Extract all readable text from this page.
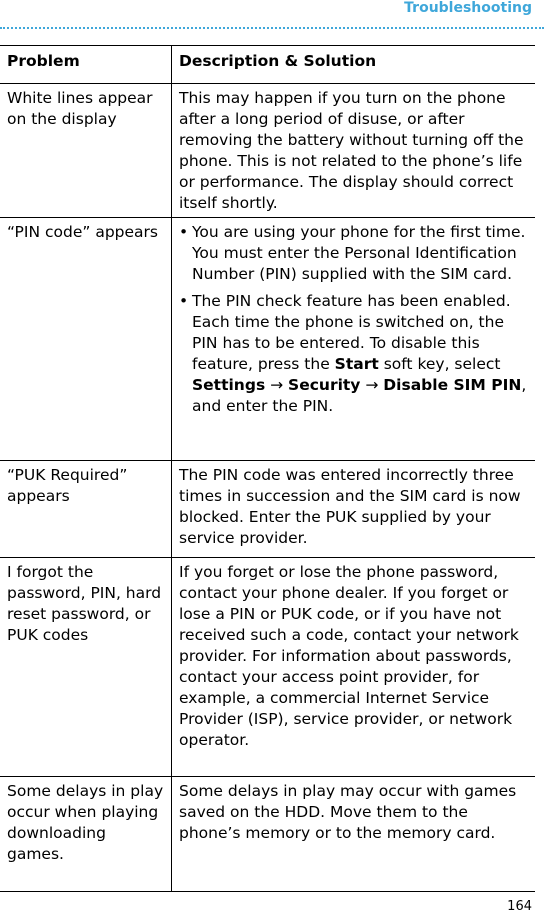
Troubleshooting
Problem	Description & Solution
White lines appear on the display
This may happen if you turn on the phone after a long period of disuse, or after removing the battery without turning off the phone. This is not related to the phone’s life or performance. The display should correct itself shortly.
“PIN code” appears	• You are using your phone for the first time. You must enter the Personal Identification Number (PIN) supplied with the SIM card.
• The PIN check feature has been enabled. Each time the phone is switched on, the PIN has to be entered. To disable this feature, press the Start soft key, select Settings → Security → Disable SIM PIN, and enter the PIN.
“PUK Required” appears
The PIN code was entered incorrectly three times in succession and the SIM card is now blocked. Enter the PUK supplied by your service provider.
I forgot the password, PIN, hard reset password, or PUK codes
If you forget or lose the phone password, contact your phone dealer. If you forget or lose a PIN or PUK code, or if you have not received such a code, contact your network provider. For information about passwords, contact your access point provider, for example, a commercial Internet Service Provider (ISP), service provider, or network operator.
Some delays in play occur when playing downloading games.
Some delays in play may occur with games saved on the HDD. Move them to the phone’s memory or to the memory card.
164
